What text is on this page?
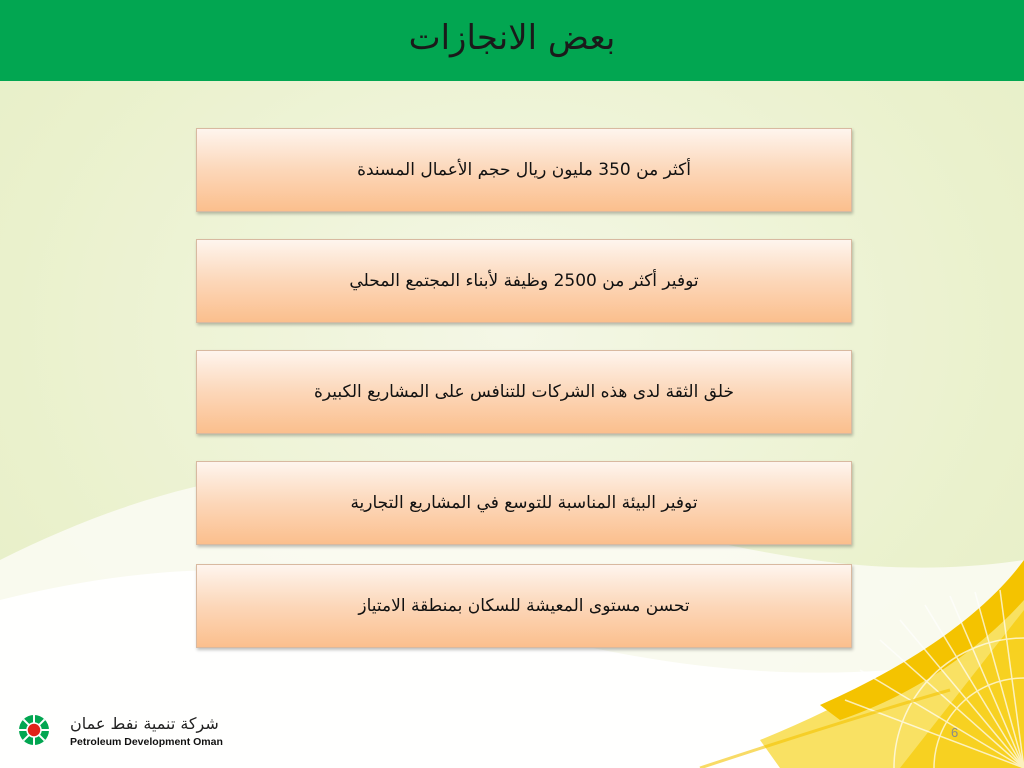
بعض الانجازات
أكثر من 350 مليون ريال حجم الأعمال المسندة
توفير أكثر من 2500 وظيفة لأبناء المجتمع المحلي
خلق الثقة لدى هذه الشركات للتنافس على المشاريع الكبيرة
توفير البيئة المناسبة للتوسع في المشاريع التجارية
تحسن مستوى المعيشة للسكان بمنطقة الامتياز
شركة تنمية نفط عمان
Petroleum Development Oman
6
